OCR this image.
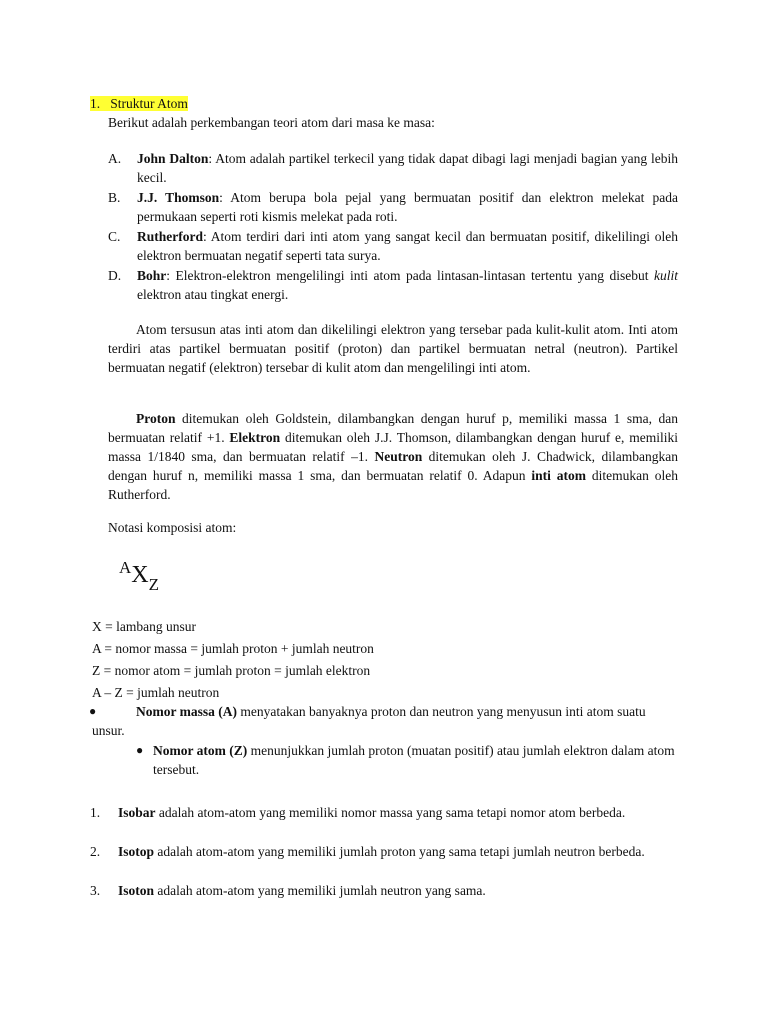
1. Struktur Atom

Berikut adalah perkembangan teori atom dari masa ke masa:

A. John Dalton: Atom adalah partikel terkecil yang tidak dapat dibagi lagi menjadi bagian yang lebih kecil.
B. J.J. Thomson: Atom berupa bola pejal yang bermuatan positif dan elektron melekat pada permukaan seperti roti kismis melekat pada roti.
C. Rutherford: Atom terdiri dari inti atom yang sangat kecil dan bermuatan positif, dikelilingi oleh elektron bermuatan negatif seperti tata surya.
D. Bohr: Elektron-elektron mengelilingi inti atom pada lintasan-lintasan tertentu yang disebut kulit elektron atau tingkat energi.

Atom tersusun atas inti atom dan dikelilingi elektron yang tersebar pada kulit-kulit atom. Inti atom terdiri atas partikel bermuatan positif (proton) dan partikel bermuatan netral (neutron). Partikel bermuatan negatif (elektron) tersebar di kulit atom dan mengelilingi inti atom.

Proton ditemukan oleh Goldstein, dilambangkan dengan huruf p, memiliki massa 1 sma, dan bermuatan relatif +1. Elektron ditemukan oleh J.J. Thomson, dilambangkan dengan huruf e, memiliki massa 1/1840 sma, dan bermuatan relatif –1. Neutron ditemukan oleh J. Chadwick, dilambangkan dengan huruf n, memiliki massa 1 sma, dan bermuatan relatif 0. Adapun inti atom ditemukan oleh Rutherford.

Notasi komposisi atom:

$^AX_Z$

X = lambang unsur

A = nomor massa = jumlah proton + jumlah neutron

Z = nomor atom = jumlah proton = jumlah elektron

A – Z = jumlah neutron

●	Nomor massa (A) menyatakan banyaknya proton dan neutron yang menyusun inti atom suatu unsur.

● Nomor atom (Z) menunjukkan jumlah proton (muatan positif) atau jumlah elektron dalam atom tersebut.

1. Isobar adalah atom-atom yang memiliki nomor massa yang sama tetapi nomor atom berbeda.
2. Isotop adalah atom-atom yang memiliki jumlah proton yang sama tetapi jumlah neutron berbeda.
3. Isoton adalah atom-atom yang memiliki jumlah neutron yang sama.
